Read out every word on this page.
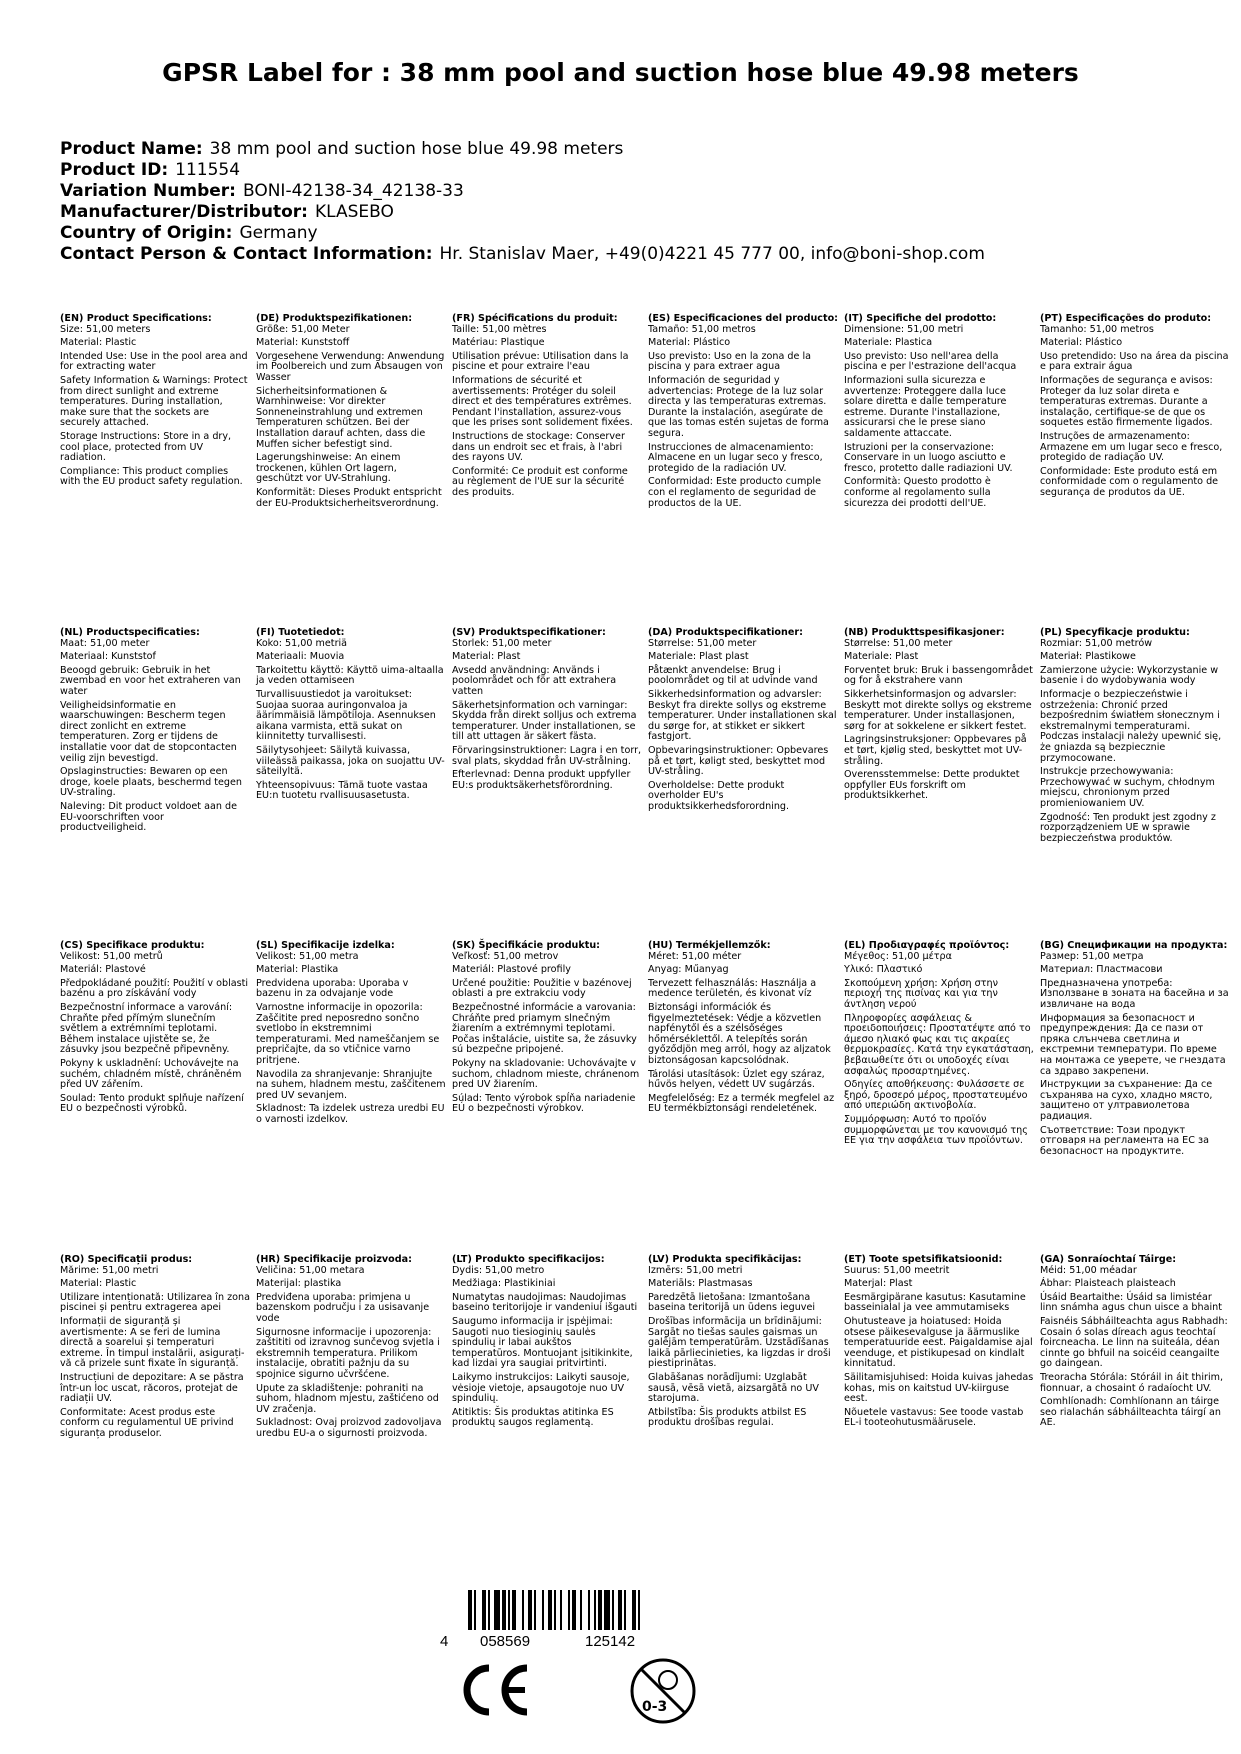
GPSR Label for : 38 mm pool and suction hose blue 49.98 meters
Product Name: 38 mm pool and suction hose blue 49.98 meters
Product ID: 111554
Variation Number: BONI-42138-34_42138-33
Manufacturer/Distributor: KLASEBO
Country of Origin: Germany
Contact Person & Contact Information: Hr. Stanislav Maer, +49(0)4221 45 777 00, info@boni-shop.com
(EN) Product Specifications:

Size: 51,00 meters

Material: Plastic

Intended Use: Use in the pool area and for extracting water

Safety Information & Warnings: Protect from direct sunlight and extreme temperatures. During installation, make sure that the sockets are securely attached.

Storage Instructions: Store in a dry, cool place, protected from UV radiation.

Compliance: This product complies with the EU product safety regulation.

(DE) Produktspezifikationen:

Größe: 51,00 Meter

Material: Kunststoff

Vorgesehene Verwendung: Anwendung im Poolbereich und zum Absaugen von Wasser

Sicherheitsinformationen & Warnhinweise: Vor direkter Sonneneinstrahlung und extremen Temperaturen schützen. Bei der Installation darauf achten, dass die Muffen sicher befestigt sind.

Lagerungshinweise: An einem trockenen, kühlen Ort lagern, geschützt vor UV-Strahlung.

Konformität: Dieses Produkt entspricht der EU-Produktsicherheitsverordnung.

(FR) Spécifications du produit:

Taille: 51,00 mètres

Matériau: Plastique

Utilisation prévue: Utilisation dans la piscine et pour extraire l'eau

Informations de sécurité et avertissements: Protéger du soleil direct et des températures extrêmes. Pendant l'installation, assurez-vous que les prises sont solidement fixées.

Instructions de stockage: Conserver dans un endroit sec et frais, à l'abri des rayons UV.

Conformité: Ce produit est conforme au règlement de l'UE sur la sécurité des produits.

(ES) Especificaciones del producto:

Tamaño: 51,00 metros

Material: Plástico

Uso previsto: Uso en la zona de la piscina y para extraer agua

Información de seguridad y advertencias: Protege de la luz solar directa y las temperaturas extremas. Durante la instalación, asegúrate de que las tomas estén sujetas de forma segura.

Instrucciones de almacenamiento: Almacene en un lugar seco y fresco, protegido de la radiación UV.

Conformidad: Este producto cumple con el reglamento de seguridad de productos de la UE.

(IT) Specifiche del prodotto:

Dimensione: 51,00 metri

Materiale: Plastica

Uso previsto: Uso nell'area della piscina e per l'estrazione dell'acqua

Informazioni sulla sicurezza e avvertenze: Proteggere dalla luce solare diretta e dalle temperature estreme. Durante l'installazione, assicurarsi che le prese siano saldamente attaccate.

Istruzioni per la conservazione: Conservare in un luogo asciutto e fresco, protetto dalle radiazioni UV.

Conformità: Questo prodotto è conforme al regolamento sulla sicurezza dei prodotti dell'UE.

(PT) Especificações do produto:

Tamanho: 51,00 metros

Material: Plástico

Uso pretendido: Uso na área da piscina e para extrair água

Informações de segurança e avisos: Proteger da luz solar direta e temperaturas extremas. Durante a instalação, certifique-se de que os soquetes estão firmemente ligados.

Instruções de armazenamento: Armazene em um lugar seco e fresco, protegido de radiação UV.

Conformidade: Este produto está em conformidade com o regulamento de segurança de produtos da UE.

(NL) Productspecificaties:

Maat: 51,00 meter

Materiaal: Kunststof

Beoogd gebruik: Gebruik in het zwembad en voor het extraheren van water

Veiligheidsinformatie en waarschuwingen: Bescherm tegen direct zonlicht en extreme temperaturen. Zorg er tijdens de installatie voor dat de stopcontacten veilig zijn bevestigd.

Opslaginstructies: Bewaren op een droge, koele plaats, beschermd tegen UV-straling.

Naleving: Dit product voldoet aan de EU-voorschriften voor productveiligheid.

(FI) Tuotetiedot:

Koko: 51,00 metriä

Materiaali: Muovia

Tarkoitettu käyttö: Käyttö uima-altaalla ja veden ottamiseen

Turvallisuustiedot ja varoitukset: Suojaa suoraa auringonvaloa ja äärimmäisiä lämpötiloja. Asennuksen aikana varmista, että sukat on kiinnitetty turvallisesti.

Säilytysohjeet: Säilytä kuivassa, viileässä paikassa, joka on suojattu UV-säteilyltä.

Yhteensopivuus: Tämä tuote vastaa EU:n tuotetu rvallisuusasetusta.

(SV) Produktspecifikationer:

Storlek: 51,00 meter

Material: Plast

Avsedd användning: Används i poolområdet och för att extrahera vatten

Säkerhetsinformation och varningar: Skydda från direkt solljus och extrema temperaturer. Under installationen, se till att uttagen är säkert fästa.

Förvaringsinstruktioner: Lagra i en torr, sval plats, skyddad från UV-strålning.

Efterlevnad: Denna produkt uppfyller EU:s produktsäkerhetsförordning.

(DA) Produktspecifikationer:

Størrelse: 51,00 meter

Materiale: Plast plast

Påtænkt anvendelse: Brug i poolområdet og til at udvinde vand

Sikkerhedsinformation og advarsler: Beskyt fra direkte sollys og ekstreme temperaturer. Under installationen skal du sørge for, at stikket er sikkert fastgjort.

Opbevaringsinstruktioner: Opbevares på et tørt, køligt sted, beskyttet mod UV-stråling.

Overholdelse: Dette produkt overholder EU's produktsikkerhedsforordning.

(NB) Produkttspesifikasjoner:

Størrelse: 51,00 meter

Materiale: Plast

Forventet bruk: Bruk i bassengområdet og for å ekstrahere vann

Sikkerhetsinformasjon og advarsler: Beskytt mot direkte sollys og ekstreme temperaturer. Under installasjonen, sørg for at sokkelene er sikkert festet.

Lagringsinstruksjoner: Oppbevares på et tørt, kjølig sted, beskyttet mot UV-stråling.

Overensstemmelse: Dette produktet oppfyller EUs forskrift om produktsikkerhet.

(PL) Specyfikacje produktu:

Rozmiar: 51,00 metrów

Materiał: Plastikowe

Zamierzone użycie: Wykorzystanie w basenie i do wydobywania wody

Informacje o bezpieczeństwie i ostrzeżenia: Chronić przed bezpośrednim światłem słonecznym i ekstremalnymi temperaturami. Podczas instalacji należy upewnić się, że gniazda są bezpiecznie przymocowane.

Instrukcje przechowywania: Przechowywać w suchym, chłodnym miejscu, chronionym przed promieniowaniem UV.

Zgodność: Ten produkt jest zgodny z rozporządzeniem UE w sprawie bezpieczeństwa produktów.

(CS) Specifikace produktu:

Velikost: 51,00 metrů

Materiál: Plastové

Předpokládané použití: Použití v oblasti bazénu a pro získávání vody

Bezpečnostní informace a varování: Chraňte před přímým slunečním světlem a extrémními teplotami. Během instalace ujistěte se, že zásuvky jsou bezpečně připevněny.

Pokyny k uskladnění: Uchovávejte na suchém, chladném místě, chráněném před UV zářením.

Soulad: Tento produkt splňuje nařízení EU o bezpečnosti výrobků.

(SL) Specifikacije izdelka:

Velikost: 51,00 metra

Material: Plastika

Predvidena uporaba: Uporaba v bazenu in za odvajanje vode

Varnostne informacije in opozorila: Zaščitite pred neposredno sončno svetlobo in ekstremnimi temperaturami. Med nameščanjem se prepričajte, da so vtičnice varno pritrjene.

Navodila za shranjevanje: Shranjujte na suhem, hladnem mestu, zaščitenem pred UV sevanjem.

Skladnost: Ta izdelek ustreza uredbi EU o varnosti izdelkov.

(SK) Špecifikácie produktu:

Veľkosť: 51,00 metrov

Materiál: Plastové profily

Určené použitie: Použitie v bazénovej oblasti a pre extrakciu vody

Bezpečnostné informácie a varovania: Chráňte pred priamym slnečným žiarením a extrémnymi teplotami. Počas inštalácie, uistite sa, že zásuvky sú bezpečne pripojené.

Pokyny na skladovanie: Uchovávajte v suchom, chladnom mieste, chránenom pred UV žiarením.

Súlad: Tento výrobok spĺňa nariadenie EÚ o bezpečnosti výrobkov.

(HU) Termékjellemzők:

Méret: 51,00 méter

Anyag: Műanyag

Tervezett felhasználás: Használja a medence területén, és kivonat víz

Biztonsági információk és figyelmeztetések: Védje a közvetlen napfénytől és a szélsőséges hőmérséklettől. A telepítés során győződjön meg arról, hogy az aljzatok biztonságosan kapcsolódnak.

Tárolási utasítások: Üzlet egy száraz, hűvös helyen, védett UV sugárzás.

Megfelelőség: Ez a termék megfelel az EU termékbiztonsági rendeletének.

(EL) Προδιαγραφές προϊόντος:

Μέγεθος: 51,00 μέτρα

Υλικό: Πλαστικό

Σκοπούμενη χρήση: Χρήση στην περιοχή της πισίνας και για την άντληση νερού

Πληροφορίες ασφάλειας & προειδοποιήσεις: Προστατέψτε από το άμεσο ηλιακό φως και τις ακραίες θερμοκρασίες. Κατά την εγκατάσταση, βεβαιωθείτε ότι οι υποδοχές είναι ασφαλώς προσαρτημένες.

Οδηγίες αποθήκευσης: Φυλάσσετε σε ξηρό, δροσερό μέρος, προστατευμένο από υπεριώδη ακτινοβολία.

Συμμόρφωση: Αυτό το προϊόν συμμορφώνεται με τον κανονισμό της ΕΕ για την ασφάλεια των προϊόντων.

(BG) Спецификации на продукта:

Размер: 51,00 метра

Материал: Пластмасови

Предназначена употреба: Използване в зоната на басейна и за извличане на вода

Информация за безопасност и предупреждения: Да се пази от пряка слънчева светлина и екстремни температури. По време на монтажа се уверете, че гнездата са здраво закрепени.

Инструкции за съхранение: Да се съхранява на сухо, хладно място, защитено от ултравиолетова радиация.

Съответствие: Този продукт отговаря на регламента на ЕС за безопасност на продуктите.

(RO) Specificații produs:

Mărime: 51,00 metri

Material: Plastic

Utilizare intenționată: Utilizarea în zona piscinei și pentru extragerea apei

Informații de siguranță și avertismente: A se feri de lumina directă a soarelui și temperaturi extreme. În timpul instalării, asigurați-vă că prizele sunt fixate în siguranță.

Instrucțiuni de depozitare: A se păstra într-un loc uscat, răcoros, protejat de radiații UV.

Conformitate: Acest produs este conform cu regulamentul UE privind siguranța produselor.

(HR) Specifikacije proizvoda:

Veličina: 51,00 metara

Materijal: plastika

Predviđena uporaba: primjena u bazenskom području i za usisavanje vode

Sigurnosne informacije i upozorenja: zaštititi od izravnog sunčevog svjetla i ekstremnih temperatura. Prilikom instalacije, obratiti pažnju da su spojnice sigurno učvršćene.

Upute za skladištenje: pohraniti na suhom, hladnom mjestu, zaštićeno od UV zračenja.

Sukladnost: Ovaj proizvod zadovoljava uredbu EU-a o sigurnosti proizvoda.

(LT) Produkto specifikacijos:

Dydis: 51,00 metro

Medžiaga: Plastikiniai

Numatytas naudojimas: Naudojimas baseino teritorijoje ir vandeniui išgauti

Saugumo informacija ir įspėjimai: Saugoti nuo tiesioginių saulės spindulių ir labai aukštos temperatūros. Montuojant įsitikinkite, kad lizdai yra saugiai pritvirtinti.

Laikymo instrukcijos: Laikyti sausoje, vėsioje vietoje, apsaugotoje nuo UV spindulių.

Atitiktis: Šis produktas atitinka ES produktų saugos reglamentą.

(LV) Produkta specifikācijas:

Izmērs: 51,00 metri

Materiāls: Plastmasas

Paredzētā lietošana: Izmantošana baseina teritorijā un ūdens ieguvei

Drošības informācija un brīdinājumi: Sargāt no tiešas saules gaismas un galējām temperatūrām. Uzstādīšanas laikā pārliecinieties, ka ligzdas ir droši piestiprinātas.

Glabāšanas norādījumi: Uzglabāt sausā, vēsā vietā, aizsargātā no UV starojuma.

Atbilstība: Šis produkts atbilst ES produktu drošības regulai.

(ET) Toote spetsifikatsioonid:

Suurus: 51,00 meetrit

Materjal: Plast

Eesmärgipärane kasutus: Kasutamine basseinialal ja vee ammutamiseks

Ohutusteave ja hoiatused: Hoida otsese päikesevalguse ja äärmuslike temperatuuride eest. Paigaldamise ajal veenduge, et pistikupesad on kindlalt kinnitatud.

Säilitamisjuhised: Hoida kuivas jahedas kohas, mis on kaitstud UV-kiirguse eest.

Nõuetele vastavus: See toode vastab EL-i tooteohutusmäärusele.

(GA) Sonraíochtaí Táirge:

Méid: 51,00 méadar

Ábhar: Plaisteach plaisteach

Úsáid Beartaithe: Úsáid sa limistéar linn snámha agus chun uisce a bhaint

Faisnéis Sábháilteachta agus Rabhadh: Cosain ó solas díreach agus teochtaí foircneacha. Le linn na suiteála, déan cinnte go bhfuil na soicéid ceangailte go daingean.

Treoracha Stórála: Stóráil in áit thirim, fionnuar, a chosaint ó radaíocht UV.

Comhlíonadh: Comhlíonann an táirge seo rialachán sábháilteachta táirgí an AE.

4 058569	125142
0-3
